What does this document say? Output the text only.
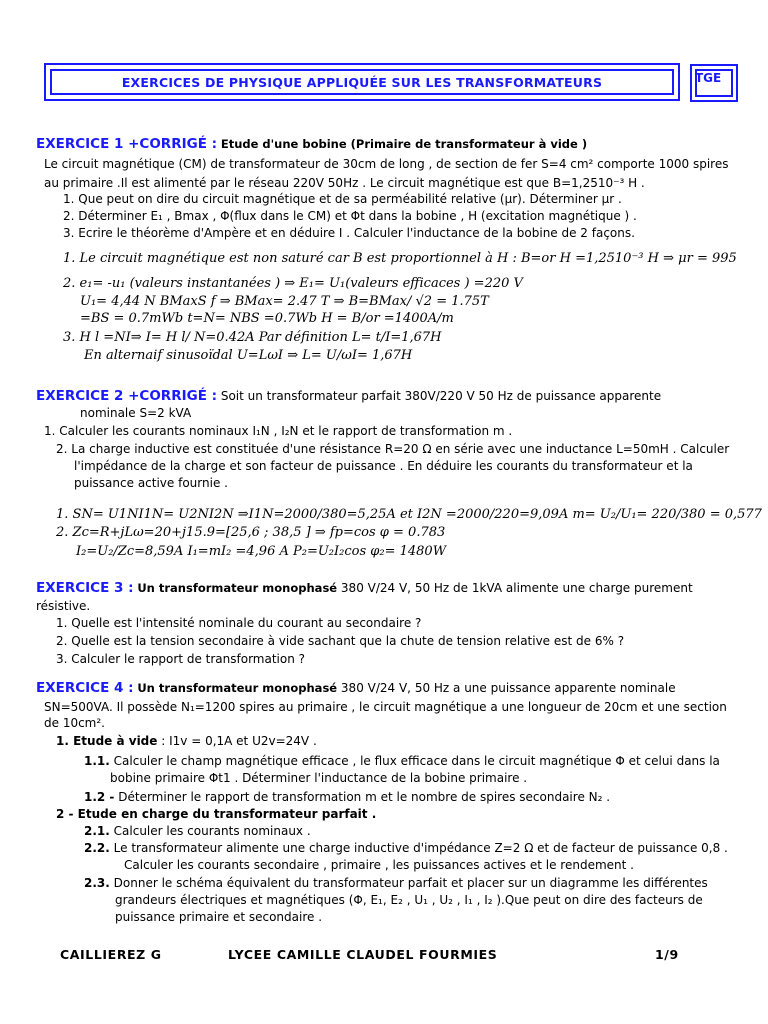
EXERCICES DE PHYSIQUE APPLIQUÉE SUR LES TRANSFORMATEURS	TGE
EXERCICE 1 +CORRIGÉ : Etude d'une bobine (Primaire de transformateur à vide )
Le circuit magnétique (CM) de transformateur de 30cm de long , de section de fer S=4 cm² comporte 1000 spires
au primaire .Il est alimenté par le réseau 220V 50Hz . Le circuit magnétique est que B=1,2510⁻³ H .
1. Que peut on dire du circuit magnétique et de sa perméabilité relative (μr). Déterminer μr .
2. Déterminer E₁ , Bmax , Φ(flux dans le CM) et Φt dans la bobine , H (excitation magnétique ) .
3. Ecrire le théorème d'Ampère et en déduire I . Calculer l'inductance de la bobine de 2 façons.
1. Le circuit magnétique est non saturé car B est proportionnel à H : B=or H =1,2510⁻³ H ⇒ μr = 995
2. e₁= -u₁ (valeurs instantanées ) ⇒ E₁= U₁(valeurs efficaces ) =220 V
U₁= 4,44 N BMaxS f ⇒ BMax= 2.47 T ⇒ B=BMax/ √2 = 1.75T
=BS = 0.7mWb t=N= NBS =0.7Wb H = B/or =1400A/m
3. H l =NI⇒ I= H l/ N=0.42A Par définition L= t/I=1,67H
En alternaif sinusoïdal U=LωI ⇒ L= U/ωI= 1,67H
EXERCICE 2 +CORRIGÉ : Soit un transformateur parfait 380V/220 V 50 Hz de puissance apparente
nominale S=2 kVA
1. Calculer les courants nominaux I₁N , I₂N et le rapport de transformation m .
2. La charge inductive est constituée d'une résistance R=20 Ω en série avec une inductance L=50mH . Calculer
l'impédance de la charge et son facteur de puissance . En déduire les courants du transformateur et la
puissance active fournie .
1. SN= U1NI1N= U2NI2N ⇒I1N=2000/380=5,25A et I2N =2000/220=9,09A m= U₂/U₁= 220/380 = 0,577
2. Zc=R+jLω=20+j15.9=[25,6 ; 38,5 ] ⇒ fp=cos φ = 0.783
I₂=U₂/Zc=8,59A I₁=mI₂ =4,96 A P₂=U₂I₂cos φ₂= 1480W
EXERCICE 3 : Un transformateur monophasé 380 V/24 V, 50 Hz de 1kVA alimente une charge purement
résistive.
1. Quelle est l'intensité nominale du courant au secondaire ?
2. Quelle est la tension secondaire à vide sachant que la chute de tension relative est de 6% ?
3. Calculer le rapport de transformation ?
EXERCICE 4 : Un transformateur monophasé 380 V/24 V, 50 Hz a une puissance apparente nominale
SN=500VA. Il possède N₁=1200 spires au primaire , le circuit magnétique a une longueur de 20cm et une section
de 10cm².
1. Etude à vide : I1v = 0,1A et U2v=24V .
1.1. Calculer le champ magnétique efficace , le flux efficace dans le circuit magnétique Φ et celui dans la
bobine primaire Φt1 . Déterminer l'inductance de la bobine primaire .
1.2 - Déterminer le rapport de transformation m et le nombre de spires secondaire N₂ .
2 - Etude en charge du transformateur parfait .
2.1. Calculer les courants nominaux .
2.2. Le transformateur alimente une charge inductive d'impédance Z=2 Ω et de facteur de puissance 0,8 .
Calculer les courants secondaire , primaire , les puissances actives et le rendement .
2.3. Donner le schéma équivalent du transformateur parfait et placer sur un diagramme les différentes
grandeurs électriques et magnétiques (Φ, E₁, E₂ , U₁ , U₂ , I₁ , I₂ ).Que peut on dire des facteurs de
puissance primaire et secondaire .
CAILLIEREZ G	LYCEE CAMILLE CLAUDEL FOURMIES	1/9
